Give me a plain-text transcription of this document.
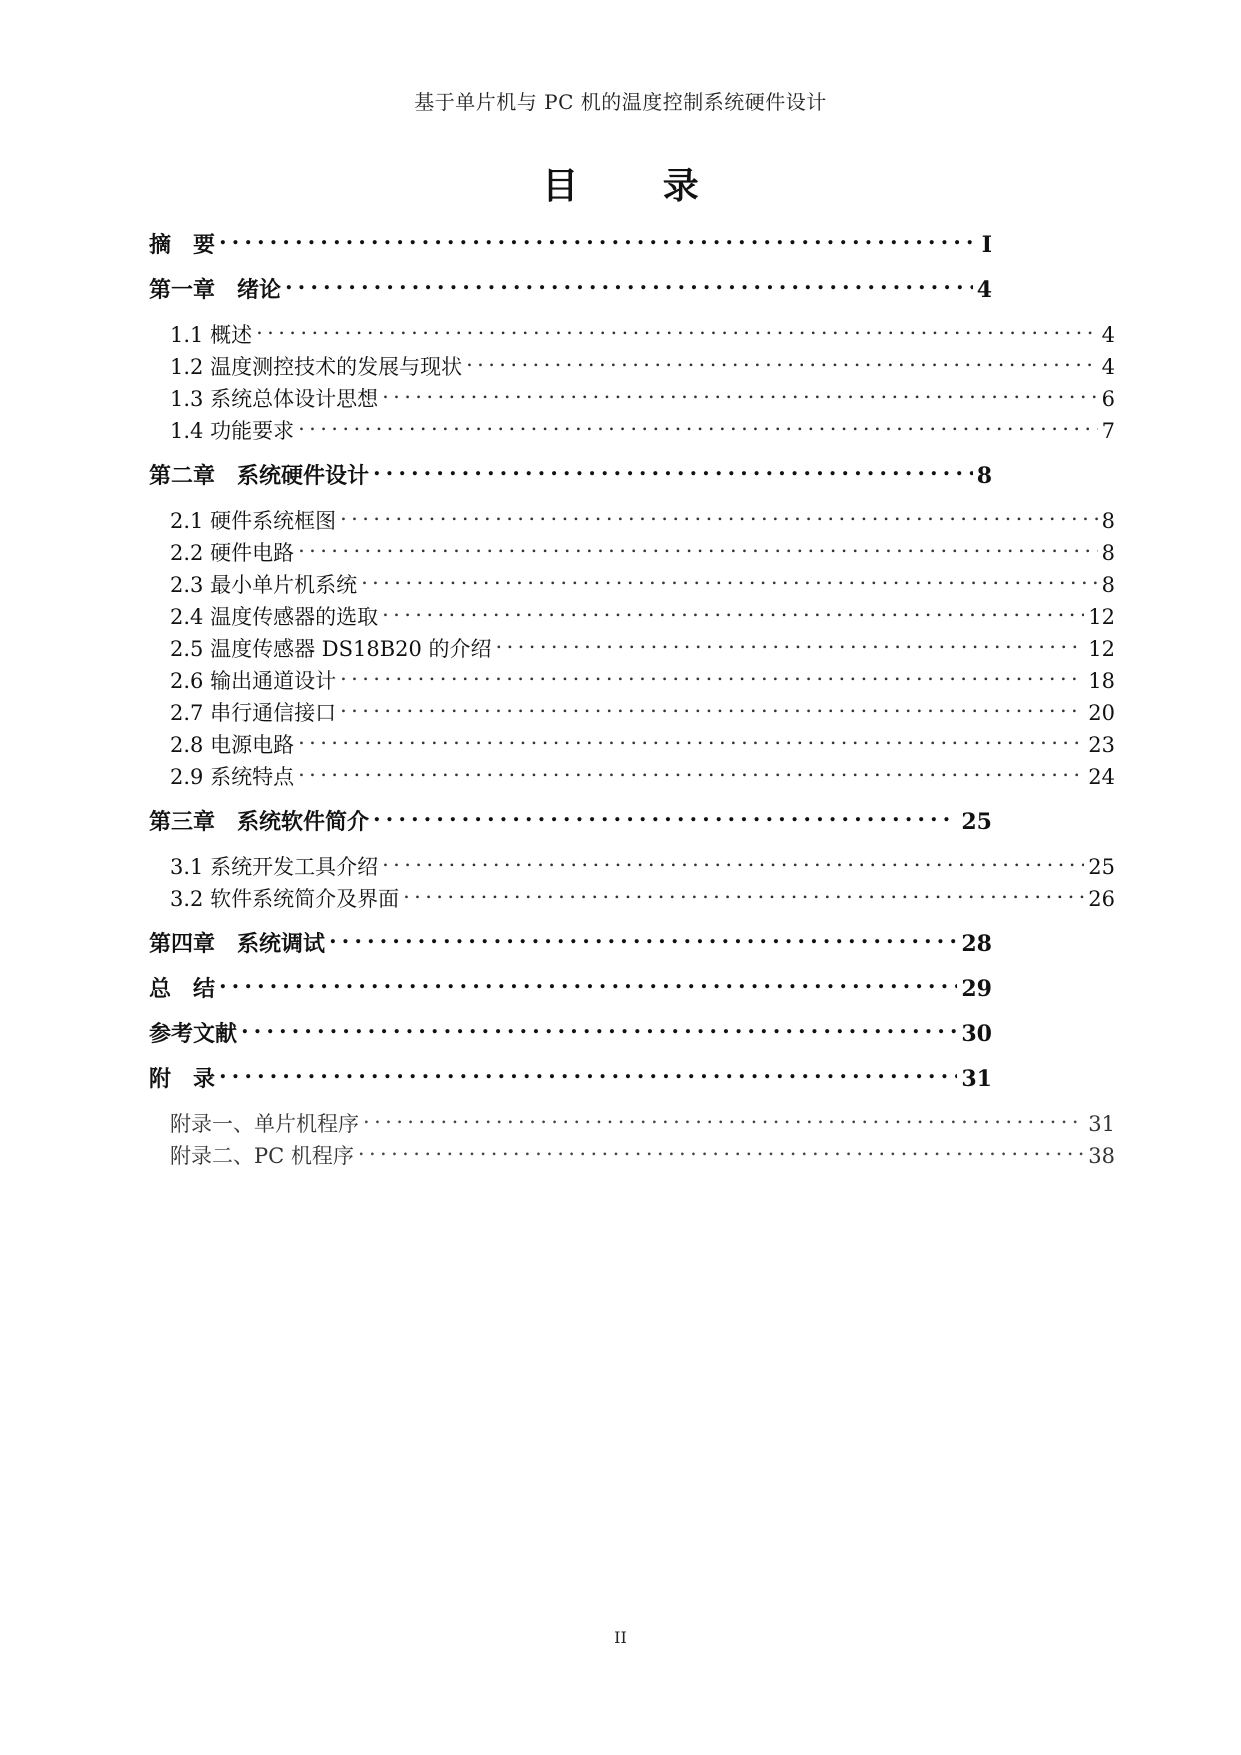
基于单片机与 PC 机的温度控制系统硬件设计
目 录
摘　要 .....	I
第一章　绪论 .....	4
1.1 概述 .....	4
1.2 温度测控技术的发展与现状 .....	4
1.3 系统总体设计思想 .....	6
1.4 功能要求 .....	7
第二章　系统硬件设计 .....	8
2.1 硬件系统框图 .....	8
2.2 硬件电路 .....	8
2.3 最小单片机系统 .....	8
2.4 温度传感器的选取 .....	12
2.5 温度传感器 DS18B20 的介绍 .....	12
2.6 输出通道设计 .....	18
2.7 串行通信接口 .....	20
2.8 电源电路 .....	23
2.9 系统特点 .....	24
第三章　系统软件简介 .....	25
3.1 系统开发工具介绍 .....	25
3.2 软件系统简介及界面 .....	26
第四章　系统调试 .....	28
总　结 .....	29
参考文献 .....	30
附　录 .....	31
附录一、单片机程序 .....	31
附录二、PC 机程序 .....	38
II
